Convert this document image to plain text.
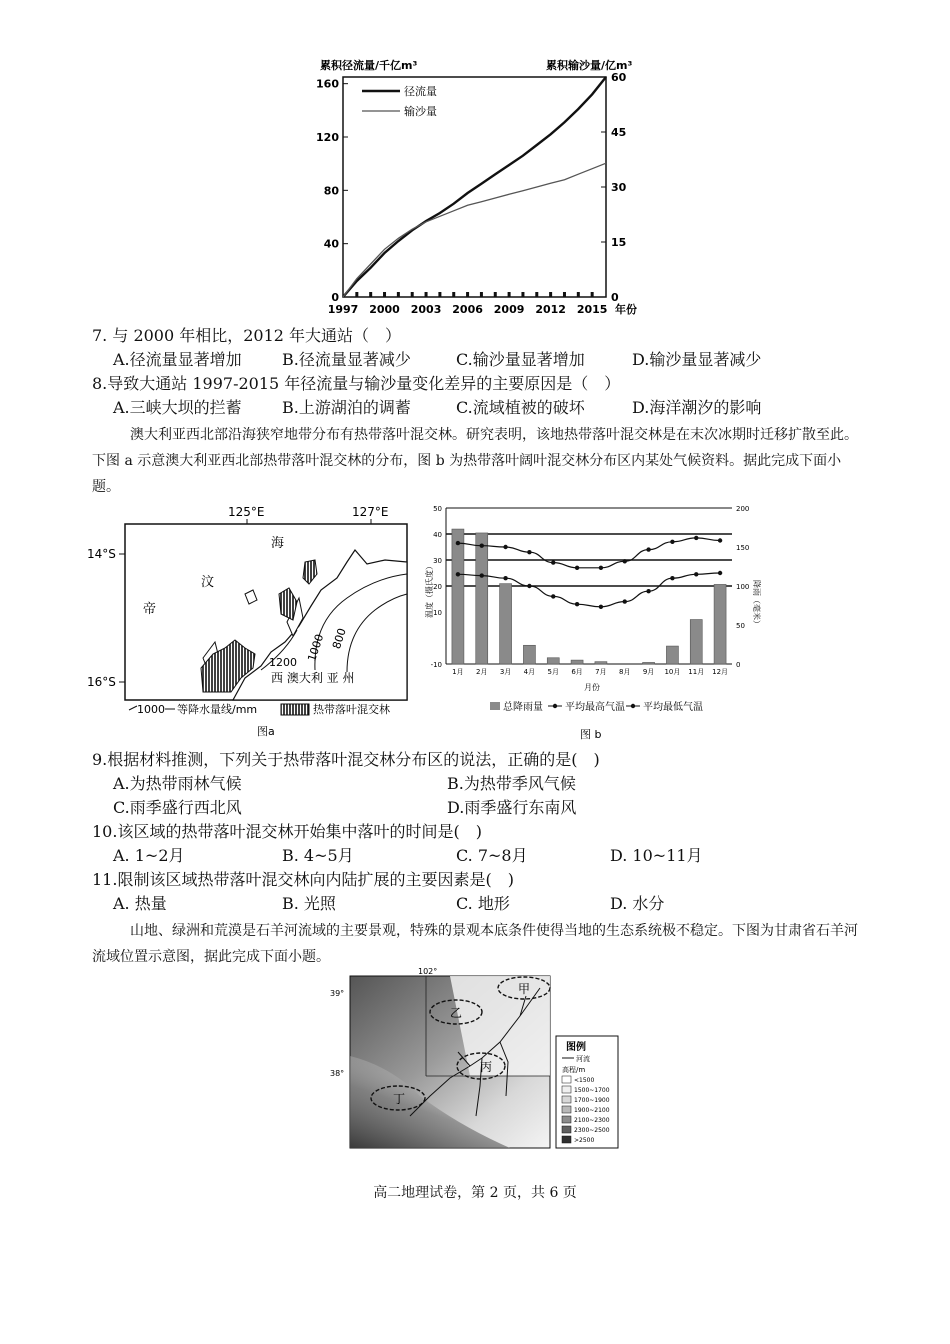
累积径流量/千亿m³	累积输沙量/亿m³
160
120
80
40
0
60
45
30
15
0
1997 2000 2003 2006 2009 2012 2015 年份
径流量
输沙量
7. 与 2000 年相比，2012 年大通站（　）
A.径流量显著增加	B.径流量显著减少	C.输沙量显著增加	D.输沙量显著减少
8.导致大通站 1997-2015 年径流量与输沙量变化差异的主要原因是（　）
A.三峡大坝的拦蓄	B.上游湖泊的调蓄	C.流域植被的破坏	D.海洋潮汐的影响
澳大利亚西北部沿海狭窄地带分布有热带落叶混交林。研究表明，该地热带落叶混交林是在末次冰期时迁移扩散至此。下图 a 示意澳大利亚西北部热带落叶混交林的分布，图 b 为热带落叶阔叶混交林分布区内某处气候资料。据此完成下面小题。
125°E	127°E
14°S
16°S
海
汶
帝
西 澳大利 亚 州
1000 800
1200
1000 等降水量线/mm	热带落叶混交林
图a
50
40
30
20
10
-10
200
150
100
50
0
温度（摄氏度）	降雨（毫米）
1月 2月 3月 4月 5月 6月 7月 8月 9月 10月 11月 12月
月份
总降雨量 平均最高气温 平均最低气温
图 b
9.根据材料推测，下列关于热带落叶混交林分布区的说法，正确的是(　)
A.为热带雨林气候	B.为热带季风气候
C.雨季盛行西北风	D.雨季盛行东南风
10.该区域的热带落叶混交林开始集中落叶的时间是(　)
A. 1~2月	B. 4~5月	C. 7~8月	D. 10~11月
11.限制该区域热带落叶混交林向内陆扩展的主要因素是(　)
A. 热量	B. 光照	C. 地形	D. 水分
山地、绿洲和荒漠是石羊河流域的主要景观，特殊的景观本底条件使得当地的生态系统极不稳定。下图为甘肃省石羊河流域位置示意图，据此完成下面小题。
102°
39°
38°
甲
乙
丙
丁
图例
河流
高程/m
<1500
1500~1700
1700~1900
1900~2100
2100~2300
2300~2500
>2500
高二地理试卷，第 2 页，共 6 页
